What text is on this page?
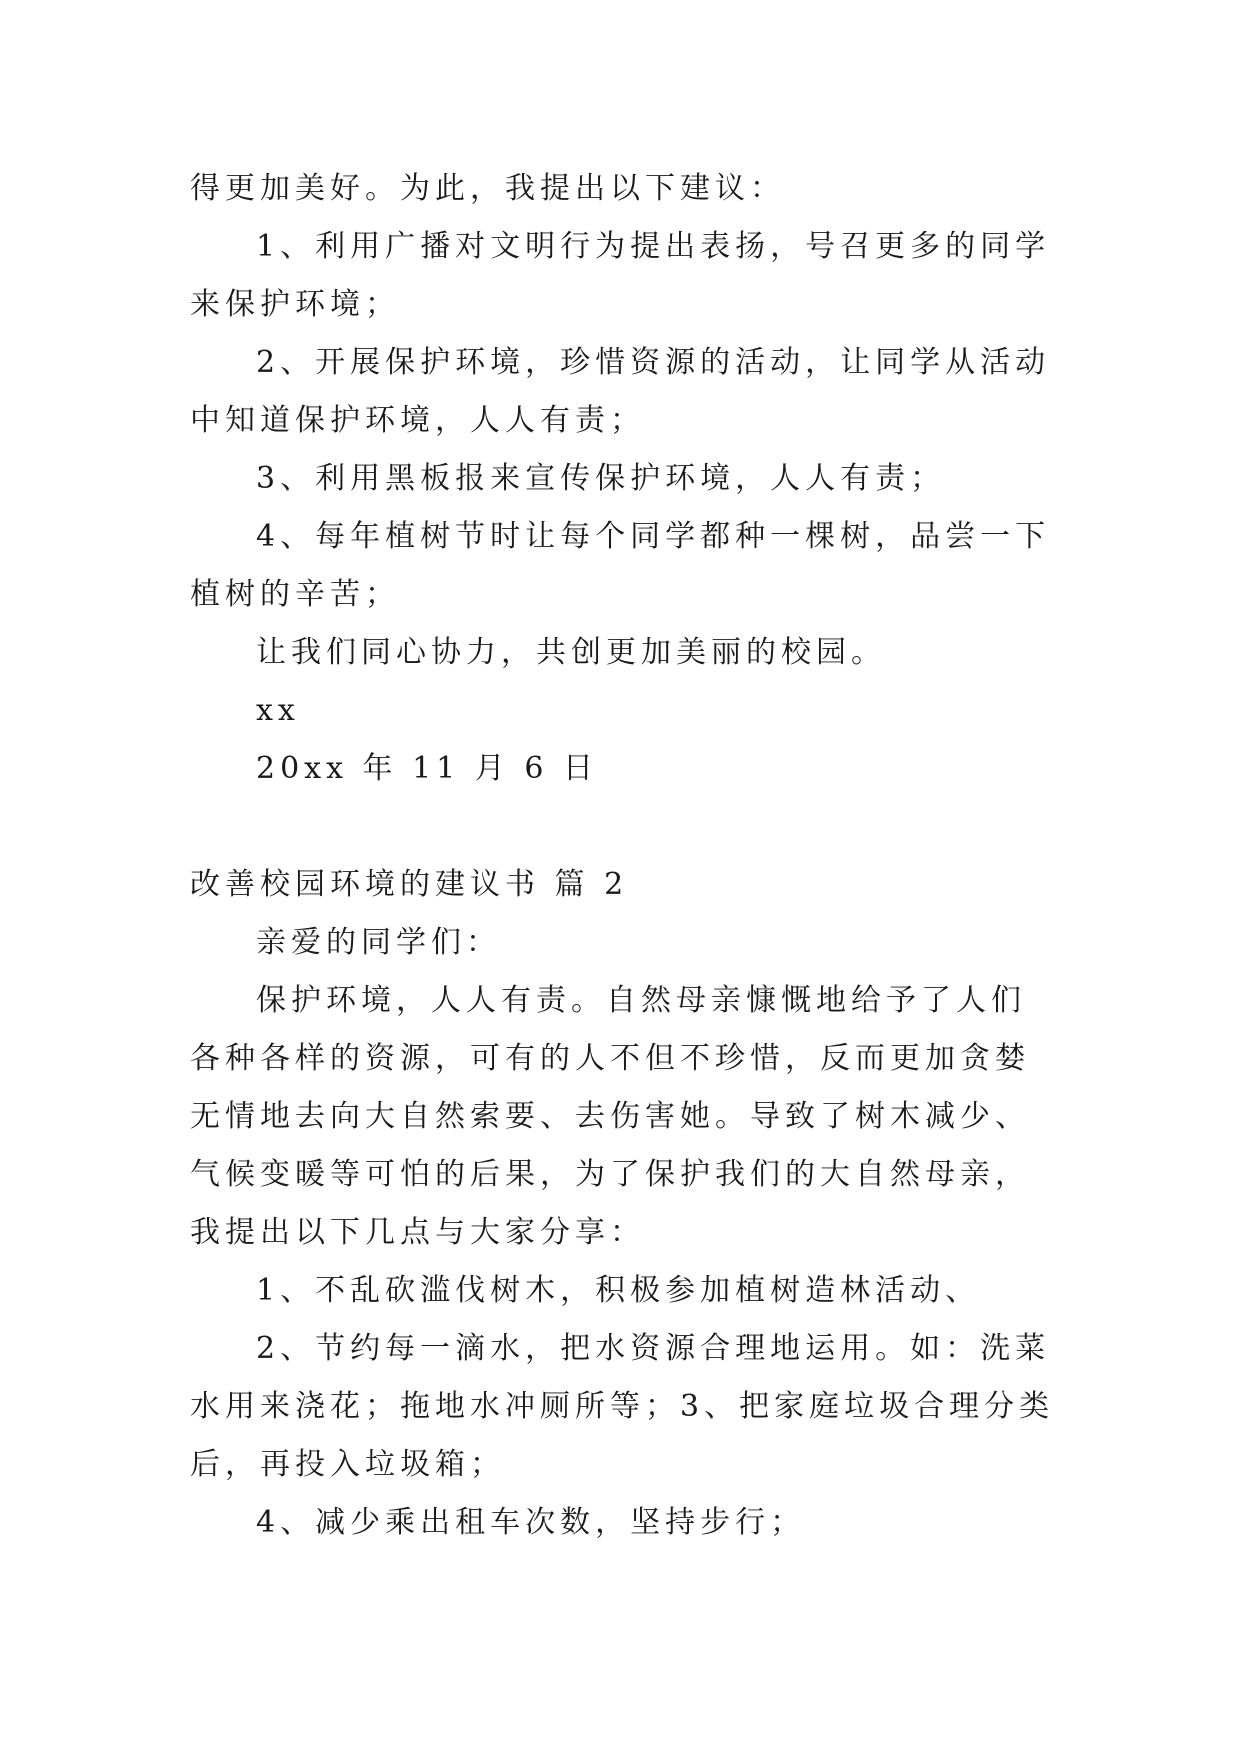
得更加美好。为此，我提出以下建议：

1、利用广播对文明行为提出表扬，号召更多的同学来保护环境；

2、开展保护环境，珍惜资源的活动，让同学从活动中知道保护环境，人人有责；

3、利用黑板报来宣传保护环境，人人有责；

4、每年植树节时让每个同学都种一棵树，品尝一下植树的辛苦；

让我们同心协力，共创更加美丽的校园。

xx

20xx 年 11 月 6 日

改善校园环境的建议书 篇 2

亲爱的同学们：

保护环境，人人有责。自然母亲慷慨地给予了人们各种各样的资源，可有的人不但不珍惜，反而更加贪婪无情地去向大自然索要、去伤害她。导致了树木减少、气候变暖等可怕的后果，为了保护我们的大自然母亲，我提出以下几点与大家分享：

1、不乱砍滥伐树木，积极参加植树造林活动、

2、节约每一滴水，把水资源合理地运用。如：洗菜水用来浇花；拖地水冲厕所等；3、把家庭垃圾合理分类后，再投入垃圾箱；

4、减少乘出租车次数，坚持步行；
